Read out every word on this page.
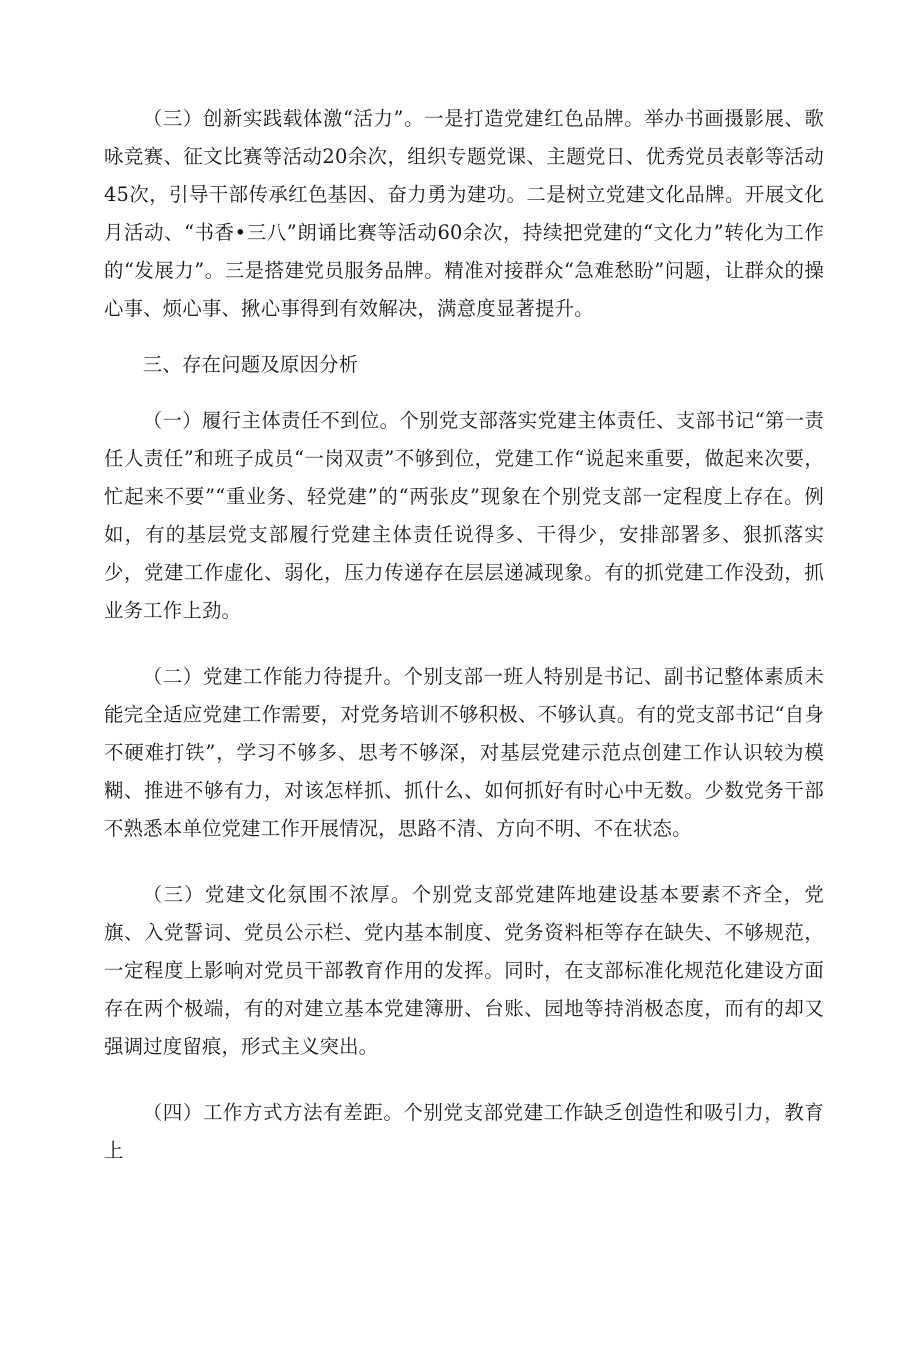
（三）创新实践载体激“活力”。一是打造党建红色品牌。举办书画摄影展、歌咏竞赛、征文比赛等活动20余次，组织专题党课、主题党日、优秀党员表彰等活动45次，引导干部传承红色基因、奋力勇为建功。二是树立党建文化品牌。开展文化月活动、“书香•三八”朗诵比赛等活动60余次，持续把党建的“文化力”转化为工作的“发展力”。三是搭建党员服务品牌。精准对接群众“急难愁盼”问题，让群众的操心事、烦心事、揪心事得到有效解决，满意度显著提升。

三、存在问题及原因分析

（一）履行主体责任不到位。个别党支部落实党建主体责任、支部书记“第一责任人责任”和班子成员“一岗双责”不够到位，党建工作“说起来重要，做起来次要，忙起来不要”“重业务、轻党建”的“两张皮”现象在个别党支部一定程度上存在。例如，有的基层党支部履行党建主体责任说得多、干得少，安排部署多、狠抓落实少，党建工作虚化、弱化，压力传递存在层层递减现象。有的抓党建工作没劲，抓业务工作上劲。

（二）党建工作能力待提升。个别支部一班人特别是书记、副书记整体素质未能完全适应党建工作需要，对党务培训不够积极、不够认真。有的党支部书记“自身不硬难打铁”，学习不够多、思考不够深，对基层党建示范点创建工作认识较为模糊、推进不够有力，对该怎样抓、抓什么、如何抓好有时心中无数。少数党务干部不熟悉本单位党建工作开展情况，思路不清、方向不明、不在状态。

（三）党建文化氛围不浓厚。个别党支部党建阵地建设基本要素不齐全，党旗、入党誓词、党员公示栏、党内基本制度、党务资料柜等存在缺失、不够规范，一定程度上影响对党员干部教育作用的发挥。同时，在支部标准化规范化建设方面存在两个极端，有的对建立基本党建簿册、台账、园地等持消极态度，而有的却又强调过度留痕，形式主义突出。

（四）工作方式方法有差距。个别党支部党建工作缺乏创造性和吸引力，教育上
